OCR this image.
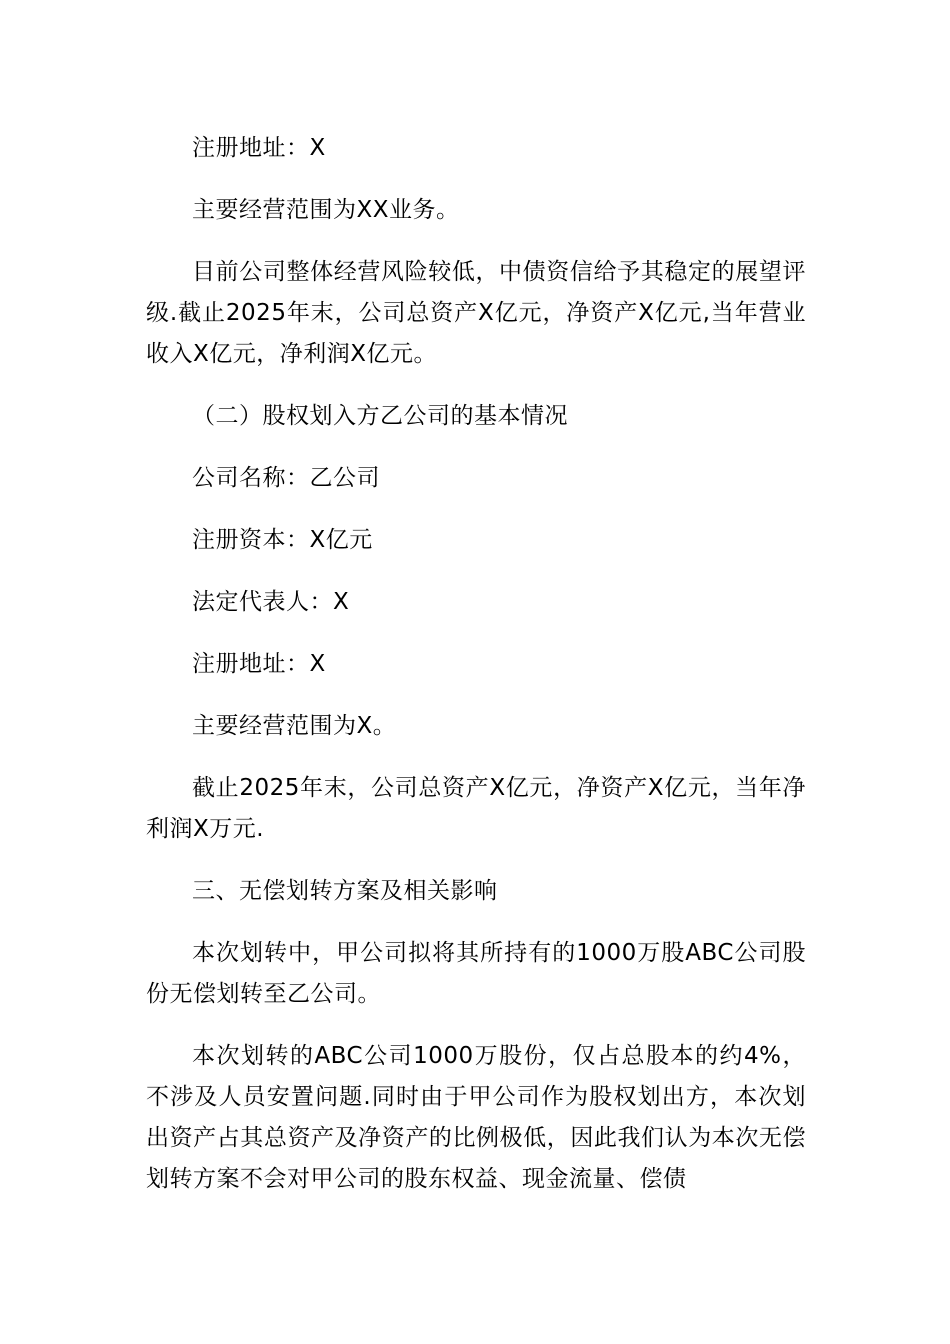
注册地址：X

主要经营范围为XX业务。

目前公司整体经营风险较低，中债资信给予其稳定的展望评级.截止2025年末，公司总资产X亿元，净资产X亿元,当年营业收入X亿元，净利润X亿元。

（二）股权划入方乙公司的基本情况

公司名称：乙公司

注册资本：X亿元

法定代表人：X

注册地址：X

主要经营范围为X。

截止2025年末，公司总资产X亿元，净资产X亿元，当年净利润X万元.

三、无偿划转方案及相关影响

本次划转中，甲公司拟将其所持有的1000万股ABC公司股份无偿划转至乙公司。

本次划转的ABC公司1000万股份，仅占总股本的约4%，不涉及人员安置问题.同时由于甲公司作为股权划出方，本次划出资产占其总资产及净资产的比例极低，因此我们认为本次无偿划转方案不会对甲公司的股东权益、现金流量、偿债
